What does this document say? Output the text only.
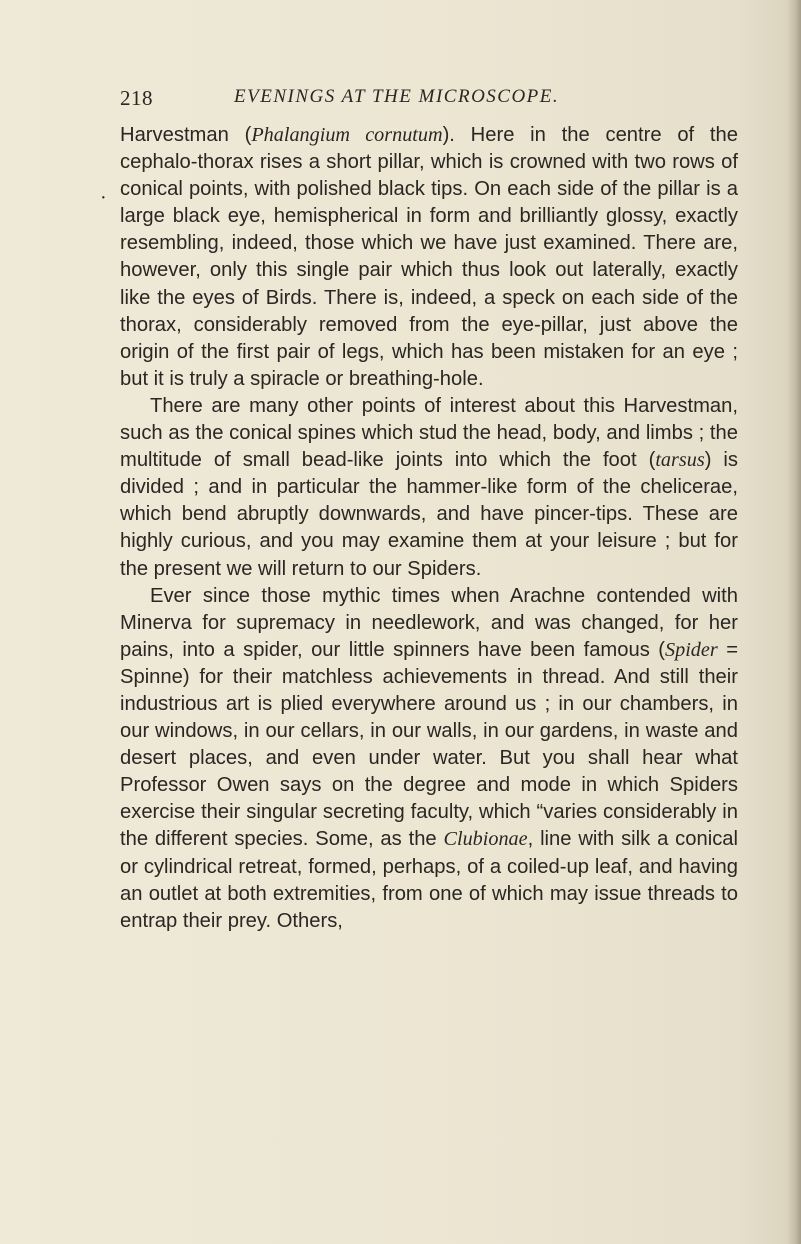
218	EVENINGS AT THE MICROSCOPE.
·

Harvestman (Phalangium cornutum). Here in the centre of the cephalo-thorax rises a short pillar, which is crowned with two rows of conical points, with polished black tips. On each side of the pillar is a large black eye, hemispherical in form and brilliantly glossy, exactly resembling, indeed, those which we have just examined. There are, however, only this single pair which thus look out laterally, exactly like the eyes of Birds. There is, indeed, a speck on each side of the thorax, considerably removed from the eye-pillar, just above the origin of the first pair of legs, which has been mistaken for an eye ; but it is truly a spiracle or breathing-hole.

There are many other points of interest about this Harvestman, such as the conical spines which stud the head, body, and limbs ; the multitude of small bead-like joints into which the foot (tarsus) is divided ; and in particular the hammer-like form of the chelicerae, which bend abruptly downwards, and have pincer-tips. These are highly curious, and you may examine them at your leisure ; but for the present we will return to our Spiders.

Ever since those mythic times when Arachne contended with Minerva for supremacy in needlework, and was changed, for her pains, into a spider, our little spinners have been famous (Spider = Spinne) for their matchless achievements in thread. And still their industrious art is plied everywhere around us ; in our chambers, in our windows, in our cellars, in our walls, in our gardens, in waste and desert places, and even under water. But you shall hear what Professor Owen says on the degree and mode in which Spiders exercise their singular secreting faculty, which “varies considerably in the different species. Some, as the Clubionae, line with silk a conical or cylindrical retreat, formed, perhaps, of a coiled-up leaf, and having an outlet at both extremities, from one of which may issue threads to entrap their prey. Others,
